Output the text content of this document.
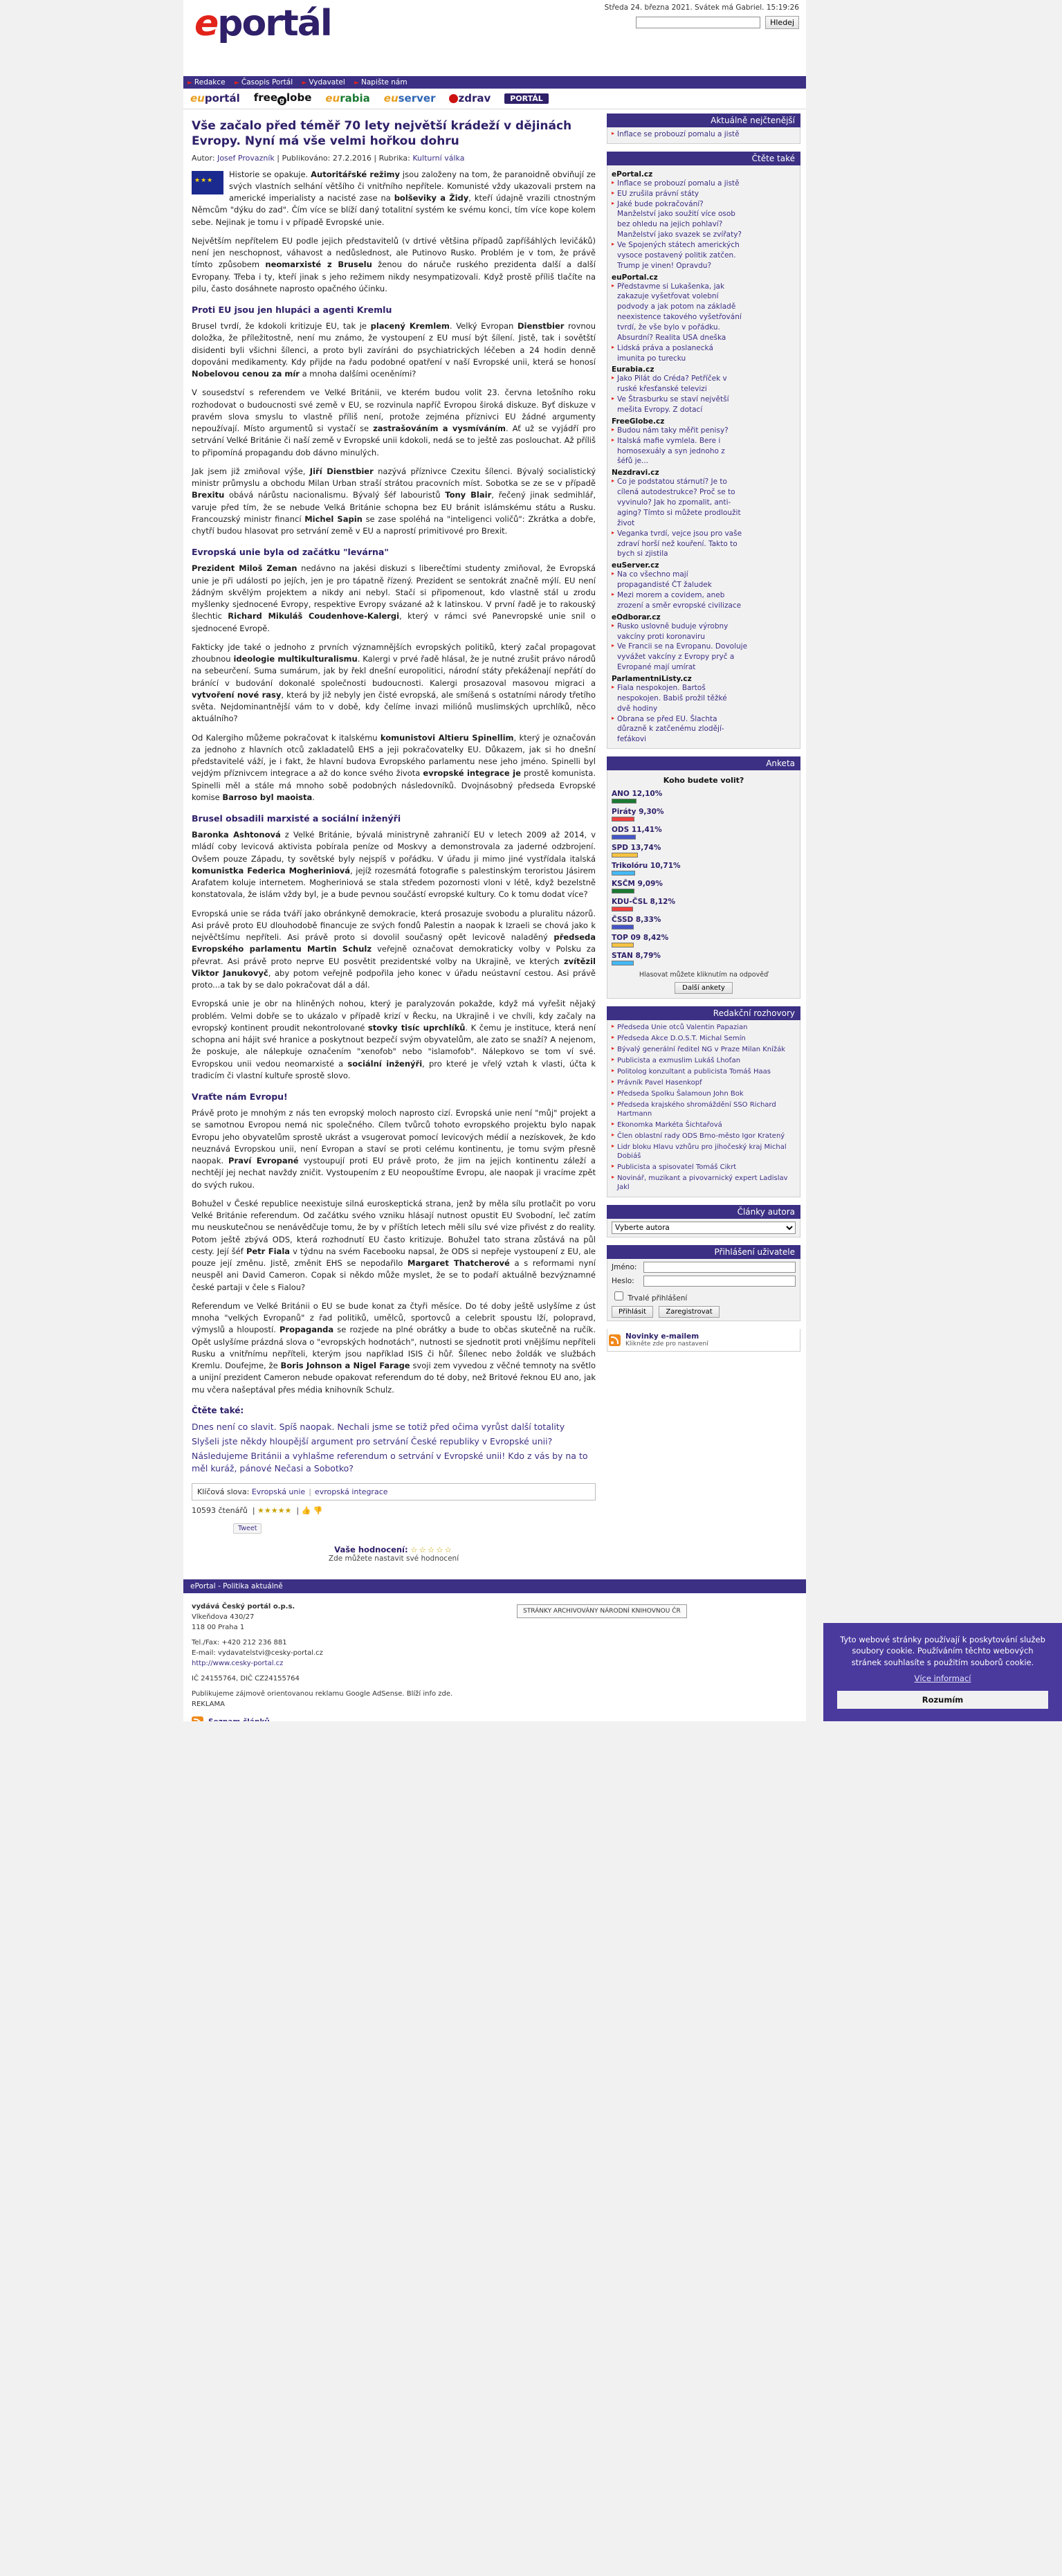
eportál	Středa 24. března 2021. Svátek má Gabriel. 15:19:26
Hledej
► Redakce ► Časopis Portál ► Vydavatel ► Napište nám
euportál free g lobe eurabia euserver	zdrav	PORTÁL
Vše začalo před téměř 70 lety největší krádeží v dějinách Evropy. Nyní má vše velmi hořkou dohru
Autor: Josef Provazník | Publikováno: 27.2.2016 | Rubrika: Kulturní válka
★★★

Historie se opakuje. Autoritářské režimy jsou založeny na tom, že paranoidně obviňují ze svých vlastních selhání většího či vnitřního nepřítele. Komunisté vždy ukazovali prstem na americké imperialisty a nacisté zase na bolševiky a Židy, kteří údajně vrazili ctnostným Němcům "dýku do zad". Čím více se blíží daný totalitní systém ke svému konci, tím více kope kolem sebe. Nejinak je tomu i v případě Evropské unie.

Největším nepřítelem EU podle jejich představitelů (v drtivé většina případů zapříšáhlých levičáků) není jen neschopnost, váhavost a nedůslednost, ale Putinovo Rusko. Problém je v tom, že právě tímto způsobem neomarxisté z Bruselu ženou do náruče ruského prezidenta další a další Evropany. Třeba i ty, kteří jinak s jeho režimem nikdy nesympatizovali. Když prostě příliš tlačíte na pilu, často dosáhnete naprosto opačného účinku.

Proti EU jsou jen hlupáci a agenti Kremlu

Brusel tvrdí, že kdokoli kritizuje EU, tak je placený Kremlem. Velký Evropan Dienstbier rovnou doložka, že příležitostně, není mu známo, že vystoupení z EU musí být šílení. Jistě, tak i sovětští disidenti byli všichni šílenci, a proto byli zavíráni do psychiatrických léčeben a 24 hodin denně dopováni medikamenty. Kdy přijde na řadu podobné opatření v naší Evropské unii, která se honosí Nobelovou cenou za mír a mnoha dalšími oceněními?

V sousedství s referendem ve Velké Británii, ve kterém budou volit 23. června letošního roku rozhodovat o budoucnosti své země v EU, se rozvinula napříč Evropou široká diskuze. Byť diskuze v pravém slova smyslu to vlastně příliš není, protože zejména příznivci EU žádné argumenty nepoužívají. Místo argumentů si vystačí se zastrašováním a vysmíváním. Ať už se vyjádří pro setrvání Velké Británie či naší země v Evropské unii kdokoli, nedá se to ještě zas poslouchat. Až příliš to připomíná propagandu dob dávno minulých.

Jak jsem již zmiňoval výše, Jiří Dienstbier nazývá příznivce Czexitu šílenci. Bývalý socialistický ministr průmyslu a obchodu Milan Urban straší strátou pracovních míst. Sobotka se ze se v případě Brexitu obává nárůstu nacionalismu. Bývalý šéf labouristů Tony Blair, řečený jinak sedmihlář, varuje před tím, že se nebude Velká Británie schopna bez EU bránit islámskému státu a Rusku. Francouzský ministr financí Michel Sapin se zase spoléhá na "inteligenci voličů": Zkrátka a dobře, chytří budou hlasovat pro setrvání země v EU a naprostí primitivové pro Brexit.

Evropská unie byla od začátku "levárna"

Prezident Miloš Zeman nedávno na jakési diskuzi s liberečtími studenty zmiňoval, že Evropská unie je při události po jejích, jen je pro tápatně řízený. Prezident se sentokrát značně mýlí. EU není žádným skvělým projektem a nikdy ani nebyl. Stačí si připomenout, kdo vlastně stál u zrodu myšlenky sjednocené Evropy, respektive Evropy svázané až k latinskou. V první řadě je to rakouský šlechtic Richard Mikuláš Coudenhove-Kalergi, který v rámci své Panevropské unie snil o sjednocené Evropě.

Fakticky jde také o jednoho z prvních významnějších evropských politiků, který začal propagovat zhoubnou ideologie multikulturalismu. Kalergi v prvé řadě hlásal, že je nutné zrušit právo národů na sebeurčení. Suma sumárum, jak by řekl dnešní europolitici, národní státy překáženají nepřátí do bránící v budování dokonalé společnosti budoucnosti. Kalergi prosazoval masovou migraci a vytvoření nové rasy, která by již nebyly jen čisté evropská, ale smíšená s ostatními národy třetího světa. Nejdominantnější vám to v době, kdy čelíme invazi miliónů muslimských uprchlíků, něco aktuálního?

Od Kalergiho můžeme pokračovat k italskému komunistovi Altieru Spinellim, který je označován za jednoho z hlavních otců zakladatelů EHS a jeji pokračovatelky EU. Důkazem, jak si ho dnešní představitelé váží, je i fakt, že hlavní budova Evropského parlamentu nese jeho jméno. Spinelli byl vejdým příznivcem integrace a až do konce svého života evropské integrace je prostě komunista. Spinelli měl a stále má mnoho sobě podobných následovníků. Dvojnásobný předseda Evropské komise Barroso byl maoista.

Brusel obsadili marxisté a sociální inženýři

Baronka Ashtonová z Velké Británie, bývalá ministryně zahraničí EU v letech 2009 až 2014, v mládí coby levicová aktivista pobírala peníze od Moskvy a demonstrovala za jaderné odzbrojení. Ovšem pouze Západu, ty sovětské byly nejspíš v pořádku. V úřadu ji mimo jiné vystřídala italská komunistka Federica Mogheriniová, jejíž rozesmátá fotografie s palestinským teroristou Jásirem Arafatem koluje internetem. Mogheriniová se stala středem pozornosti vloni v létě, když bezelstně konstatovala, že islám vždy byl, je a bude pevnou součástí evropské kultury. Co k tomu dodat více?

Evropská unie se ráda tváří jako obránkyně demokracie, která prosazuje svobodu a pluralitu názorů. Asi právě proto EU dlouhodobě financuje ze svých fondů Palestin a naopak k Izraeli se chová jako k nejvěčtšímu nepříteli. Asi právě proto si dovolil současný opět levicově naladěný předseda Evropského parlamentu Martin Schulz veřejně označovat demokraticky volby v Polsku za převrat. Asi právě proto neprve EU posvětit prezidentské volby na Ukrajině, ve kterých zvítězil Viktor Janukovyč, aby potom veřejně podpořila jeho konec v úřadu neústavní cestou. Asi právě proto...a tak by se dalo pokračovat dál a dál.

Evropská unie je obr na hliněných nohou, který je paralyzován pokažde, když má vyřešit nějaký problém. Velmi dobře se to ukázalo v případě krizí v Řecku, na Ukrajině i ve chvíli, kdy začaly na evropský kontinent proudit nekontrolované stovky tisíc uprchlíků. K čemu je instituce, která není schopna ani hájit své hranice a poskytnout bezpečí svým obyvatelům, ale zato se snaží? A nejenom, že poskuje, ale nálepkuje označením "xenofob" nebo "islamofob". Nálepkovo se tom ví své. Evropskou unii vedou neomarxisté a sociální inženýři, pro které je vřelý vztah k vlasti, účta k tradicím či vlastní kultuře sprostě slovo.

Vraťte nám Evropu!

Právě proto je mnohým z nás ten evropský moloch naprosto cizí. Evropská unie není "můj" projekt a se samotnou Evropou nemá nic společného. Cílem tvůrců tohoto evropského projektu bylo napak Evropu jeho obyvatelům sprostě ukrást a vsugerovat pomocí levicových médií a nezískovek, že kdo neuznává Evropskou unii, není Evropan a staví se proti celému kontinentu, je tomu svým přesně naopak. Praví Evropané vystoupují proti EU právě proto, že jim na jejich kontinentu záleží a nechtějí jej nechat navždy zničit. Vystoupením z EU neopouštíme Evropu, ale naopak ji vracíme zpět do svých rukou.

Bohužel v České republice neexistuje silná euroskeptická strana, jenž by měla sílu protlačit po voru Velké Británie referendum. Od začátku svého vzniku hlásají nutnost opustit EU Svobodní, leč zatím mu neuskutečnou se nenávědčuje tomu, že by v příštích letech měli sílu své vize přivést z do reality. Potom ještě zbývá ODS, která rozhodnutí EU často kritizuje. Bohužel tato strana zůstává na půl cesty. Její šéf Petr Fiala v týdnu na svém Facebooku napsal, že ODS si nepřeje vystoupení z EU, ale pouze její změnu. Jistě, změnit EHS se nepodařilo Margaret Thatcherové a s reformami nyní neuspěl ani David Cameron. Copak si někdo může myslet, že se to podaří aktuálně bezvýznamné české partaji v čele s Fialou?

Referendum ve Velké Británii o EU se bude konat za čtyři měsíce. Do té doby ještě uslyšíme z úst mnoha "velkých Evropanů" z řad politiků, umělců, sportovců a celebrit spoustu lží, polopravd, výmyslů a hloupostí. Propaganda se rozjede na plné obrátky a bude to občas skutečně na ručík. Opět uslyšíme prázdná slova o "evropských hodnotách", nutnosti se sjednotit proti vnějšímu nepříteli Rusku a vnitřnímu nepříteli, kterým jsou například ISIS či hůř. Šílenec nebo žoldák ve službách Kremlu. Doufejme, že Boris Johnson a Nigel Farage svoji zem vyvedou z věčné temnoty na světlo a unijní prezident Cameron nebude opakovat referendum do té doby, než Britové řeknou EU ano, jak mu včera našeptával přes média knihovník Schulz.

Čtěte také:
Dnes není co slavit. Spíš naopak. Nechali jsme se totiž před očima vyrůst další totality
Slyšeli jste někdy hloupější argument pro setrvání České republiky v Evropské unii?
Následujeme Británii a vyhlašme referendum o setrvání v Evropské unii! Kdo z vás by na to měl kuráž, pánové Nečasi a Sobotko?
Klíčová slova: Evropská unie | evropská integrace
10593 čtenářů  | ★★★★★  | 👍 👎
Tweet
Vaše hodnocení: ☆☆☆☆☆
Zde můžete nastavit své hodnocení
Aktuálně nejčtenější
▸ Inflace se probouzí pomalu a jistě
Čtěte také
ePortal.cz
▸ Inflace se probouzí pomalu a jistě
▸ EU zrušila právní státy
▸ Jaké bude pokračování?
Manželství jako soužití více osob
bez ohledu na jejich pohlaví?
Manželství jako svazek se zvířaty?
▸ Ve Spojených státech amerických
vysoce postavený politik zatčen.
Trump je vinen! Opravdu?
euPortal.cz
▸ Představme si Lukašenka, jak
zakazuje vyšetřovat volební
podvody a jak potom na základě
neexistence takového vyšetřování
tvrdí, že vše bylo v pořádku.
Absurdní? Realita USA dneška
▸ Lidská práva a poslanecká
imunita po turecku
Eurabia.cz
▸ Jako Pilát do Créda? Petříček v
ruské křesťanské televizi
▸ Ve Štrasburku se staví největší
mešita Evropy. Z dotací
FreeGlobe.cz
▸ Budou nám taky měřit penisy?
▸ Italská mafie vymlela. Bere i
homosexuály a syn jednoho z
šéfů je...
Nezdravi.cz
▸ Co je podstatou stárnutí? Je to
cílená autodestrukce? Proč se to
vyvinulo? Jak ho zpomalit, anti-
aging? Tímto si můžete prodloužit
život
▸ Veganka tvrdí, vejce jsou pro vaše
zdraví horší než kouření. Takto to
bych si zjistila
euServer.cz
▸ Na co všechno mají
propagandisté ČT žaludek
▸ Mezi morem a covidem, aneb
zrození a směr evropské civilizace
eOdborar.cz
▸ Rusko uslovně buduje výrobny
vakcíny proti koronaviru
▸ Ve Francii se na Evropanu. Dovoluje
vyvážet vakcíny z Evropy pryč a
Evropané mají umírat
ParlamentniListy.cz
▸ Fiala nespokojen. Bartoš
nespokojen. Babiš prožil těžké
dvě hodiny
▸ Obrana se před EU. Šlachta
důrazně k zatčenému zlodějí-
feťákovi
Anketa
Koho budete volit?
ANO 12,10%
Piráty 9,30%
ODS 11,41%
SPD 13,74%
Trikolóru 10,71%
KSČM 9,09%
KDU-ČSL 8,12%
ČSSD 8,33%
TOP 09 8,42%
STAN 8,79%
Hlasovat můžete kliknutím na odpověď
Další ankety
Redakční rozhovory
▸ Předseda Unie otců Valentin Papazian
▸ Předseda Akce D.O.S.T. Michal Semín
▸ Bývalý generální ředitel NG v Praze Milan Knížák
▸ Publicista a exmuslim Lukáš Lhoťan
▸ Politolog konzultant a publicista Tomáš Haas
▸ Právník Pavel Hasenkopf
▸ Předseda Spolku Šalamoun John Bok
▸ Předseda krajského shromáždění SSO Richard Hartmann
▸ Ekonomka Markéta Šichtařová
▸ Člen oblastní rady ODS Brno-město Igor Kratený
▸ Lidr bloku Hlavu vzhůru pro jihočeský kraj Michal Dobiáš
▸ Publicista a spisovatel Tomáš Cikrt
▸ Novinář, muzikant a pivovarnický expert Ladislav Jakl
Články autora
Vyberte autora
Přihlášení uživatele
Jméno:
Heslo:
Trvalé přihlášení
Přihlásit	Zaregistrovat
Novinky e-mailem
Klikněte zde pro nastavení
ePortal - Politika aktuálně
vydává Český portál o.p.s.
Vlkeňdova 430/27
118 00 Praha 1
Tel./Fax: +420 212 236 881
E-mail: vydavatelstvi@cesky-portal.cz
http://www.cesky-portal.cz
IČ 24155764, DIČ CZ24155764
Publikujeme zájmově orientovanou reklamu Google AdSense. Blíží info zde.
REKLAMA
STRÁNKY ARCHIVOVÁNY NÁRODNÍ KNIHOVNOU ČR
Tyto webové stránky používají k poskytování služeb soubory cookie. Používáním těchto webových stránek souhlasíte s použitím souborů cookie.
Více informací
Rozumím
